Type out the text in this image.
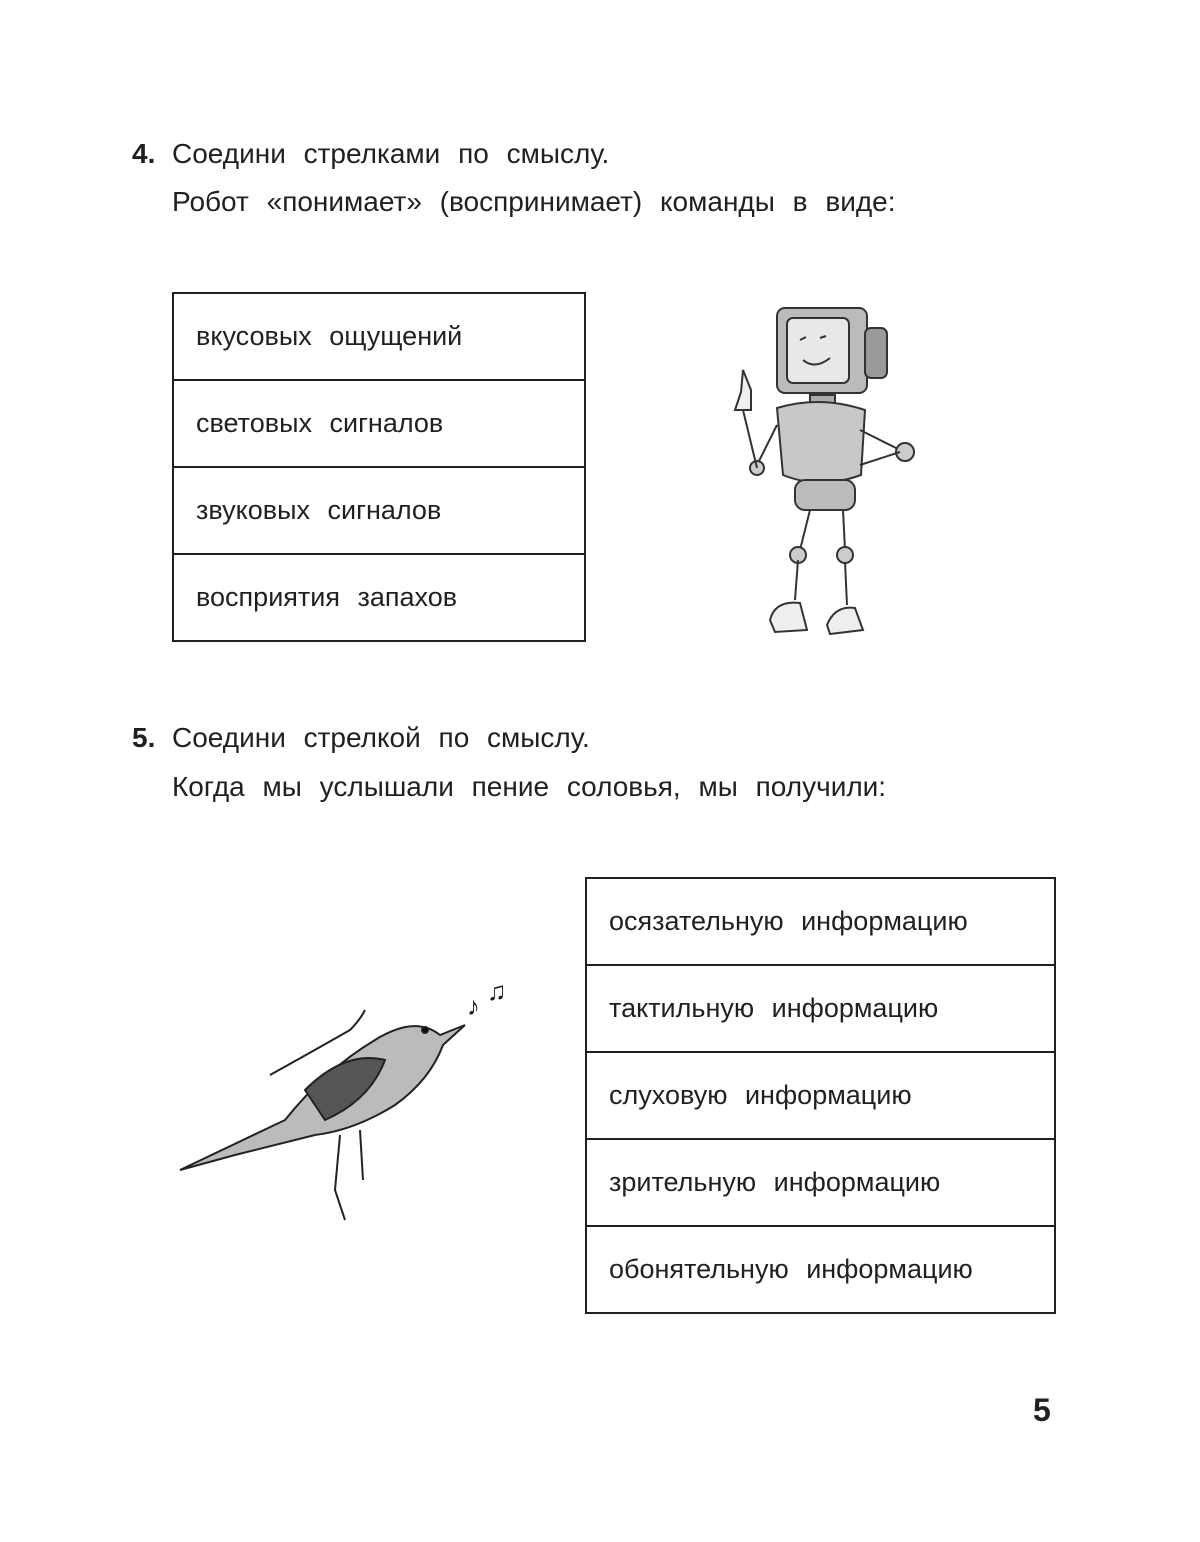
4. Соедини стрелками по смыслу.
Робот «понимает» (воспринимает) команды в виде:
вкусовых ощущений
световых сигналов
звуковых сигналов
восприятия запахов
5. Соедини стрелкой по смыслу.
Когда мы услышали пение соловья, мы получили:
♪ ♫
осязательную информацию
тактильную информацию
слуховую информацию
зрительную информацию
обонятельную информацию
5
